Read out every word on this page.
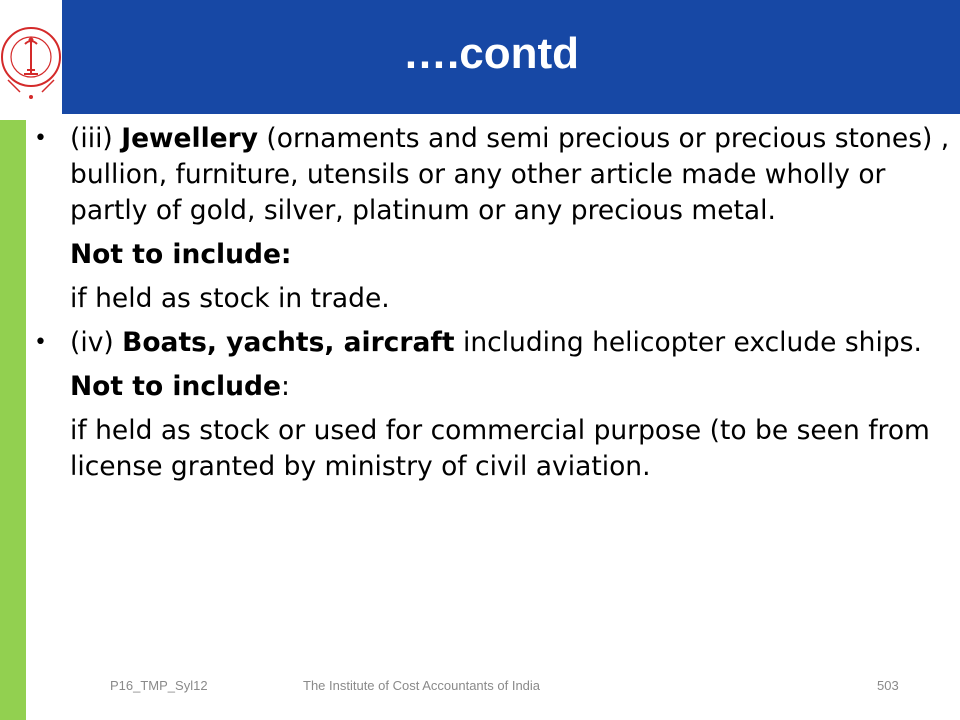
….contd
• (iii) Jewellery (ornaments and semi precious or precious stones) , bullion, furniture, utensils or any other article made wholly or partly of gold, silver, platinum or any precious metal.
Not to include:
if held as stock in trade.
• (iv) Boats, yachts, aircraft including helicopter exclude ships.
Not to include:
if held as stock or used for commercial purpose (to be seen from license granted by ministry of civil aviation.
P16_TMP_Syl12	The Institute of Cost Accountants of India	503
